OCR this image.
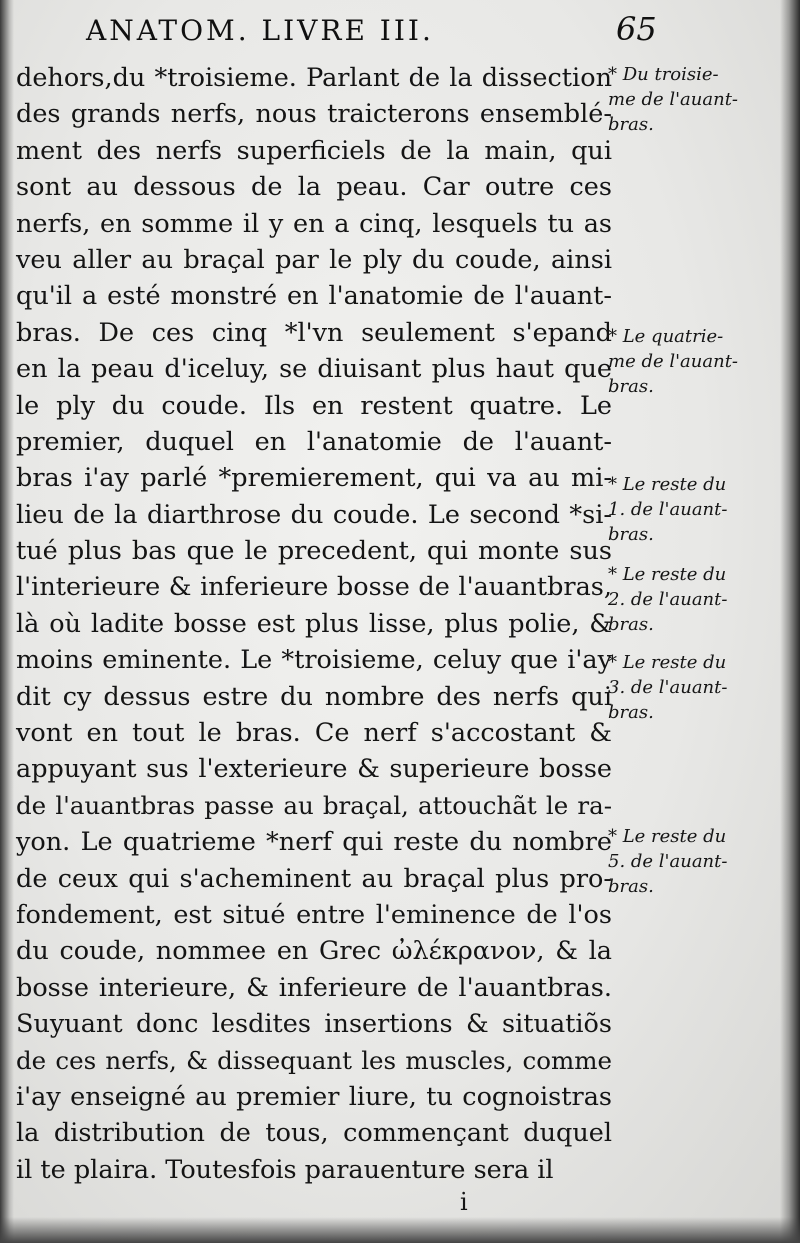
ANATOM. LIVRE III.	65
dehors,du *troisieme. Parlant de la dissection
des grands nerfs, nous traicterons ensemblé-
ment des nerfs superficiels de la main, qui
sont au dessous de la peau. Car outre ces
nerfs, en somme il y en a cinq, lesquels tu as
veu aller au braçal par le ply du coude, ainsi
qu'il a esté monstré en l'anatomie de l'auant-
bras. De ces cinq *l'vn seulement s'epand
en la peau d'iceluy, se diuisant plus haut que
le ply du coude. Ils en restent quatre. Le
premier, duquel en l'anatomie de l'auant-
bras i'ay parlé *premierement, qui va au mi-
lieu de la diarthrose du coude. Le second *si-
tué plus bas que le precedent, qui monte sus
l'interieure & inferieure bosse de l'auantbras,
là où ladite bosse est plus lisse, plus polie, &
moins eminente. Le *troisieme, celuy que i'ay
dit cy dessus estre du nombre des nerfs qui
vont en tout le bras. Ce nerf s'accostant &
appuyant sus l'exterieure & superieure bosse
de l'auantbras passe au braçal, attouchãt le ra-
yon. Le quatrieme *nerf qui reste du nombre
de ceux qui s'acheminent au braçal plus pro-
fondement, est situé entre l'eminence de l'os
du coude, nommee en Grec ὠλέκρανον, & la
bosse interieure, & inferieure de l'auantbras.
Suyuant donc lesdites insertions & situatiõs
de ces nerfs, & dissequant les muscles, comme
i'ay enseigné au premier liure, tu cognoistras
la distribution de tous, commençant duquel
il te plaira. Toutesfois parauenture sera il
* Du troisie-
me de l'auant-
bras.
* Le quatrie-
me de l'auant-
bras.
* Le reste du
1. de l'auant-
bras.
* Le reste du
2. de l'auant-
bras.
* Le reste du
3. de l'auant-
bras.
* Le reste du
5. de l'auant-
bras.
i
